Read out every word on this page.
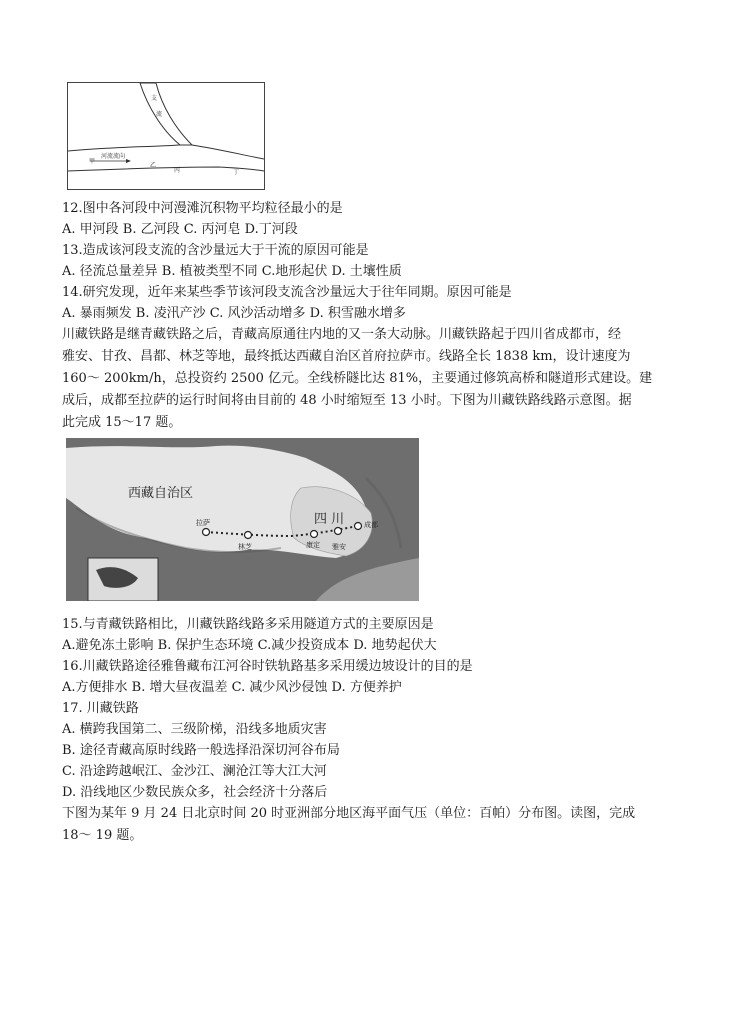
支
流
河流流向
甲
乙
丙	丁
12.图中各河段中河漫滩沉积物平均粒径最小的是
A. 甲河段 B. 乙河段 C. 丙河皂 D.丁河段
13.造成该河段支流的含沙量远大于干流的原因可能是
A. 径流总量差异 B. 植被类型不同 C.地形起伏 D. 土壤性质
14.研究发现，近年来某些季节该河段支流含沙量远大于往年同期。原因可能是
A. 暴雨频发 B. 凌汛产沙 C. 风沙活动增多 D. 积雪融水增多
川藏铁路是继青藏铁路之后，青藏高原通往内地的又一条大动脉。川藏铁路起于四川省成都市，经
雅安、甘孜、昌都、林芝等地，最终抵达西藏自治区首府拉萨市。线路全长 1838 km，设计速度为
160～ 200km/h，总投资约 2500 亿元。全线桥隧比达 81%，主要通过修筑高桥和隧道形式建设。建
成后，成都至拉萨的运行时间将由目前的 48 小时缩短至 13 小时。下图为川藏铁路线路示意图。据
此完成 15～17 题。
西藏自治区
四 川
拉萨
林芝	康定 雅安
成都
15.与青藏铁路相比，川藏铁路线路多采用隧道方式的主要原因是
A.避免冻土影响 B. 保护生态环境 C.减少投资成本 D. 地势起伏大
16.川藏铁路途径雅鲁藏布江河谷时铁轨路基多采用缓边坡设计的目的是
A.方便排水 B. 增大昼夜温差 C. 减少风沙侵蚀 D. 方便养护
17. 川藏铁路
A. 横跨我国第二、三级阶梯，沿线多地质灾害
B. 途径青藏高原时线路一般选择沿深切河谷布局
C. 沿途跨越岷江、金沙江、澜沧江等大江大河
D. 沿线地区少数民族众多，社会经济十分落后
下图为某年 9 月 24 日北京时间 20 时亚洲部分地区海平面气压（单位：百帕）分布图。读图，完成
18～ 19 题。
